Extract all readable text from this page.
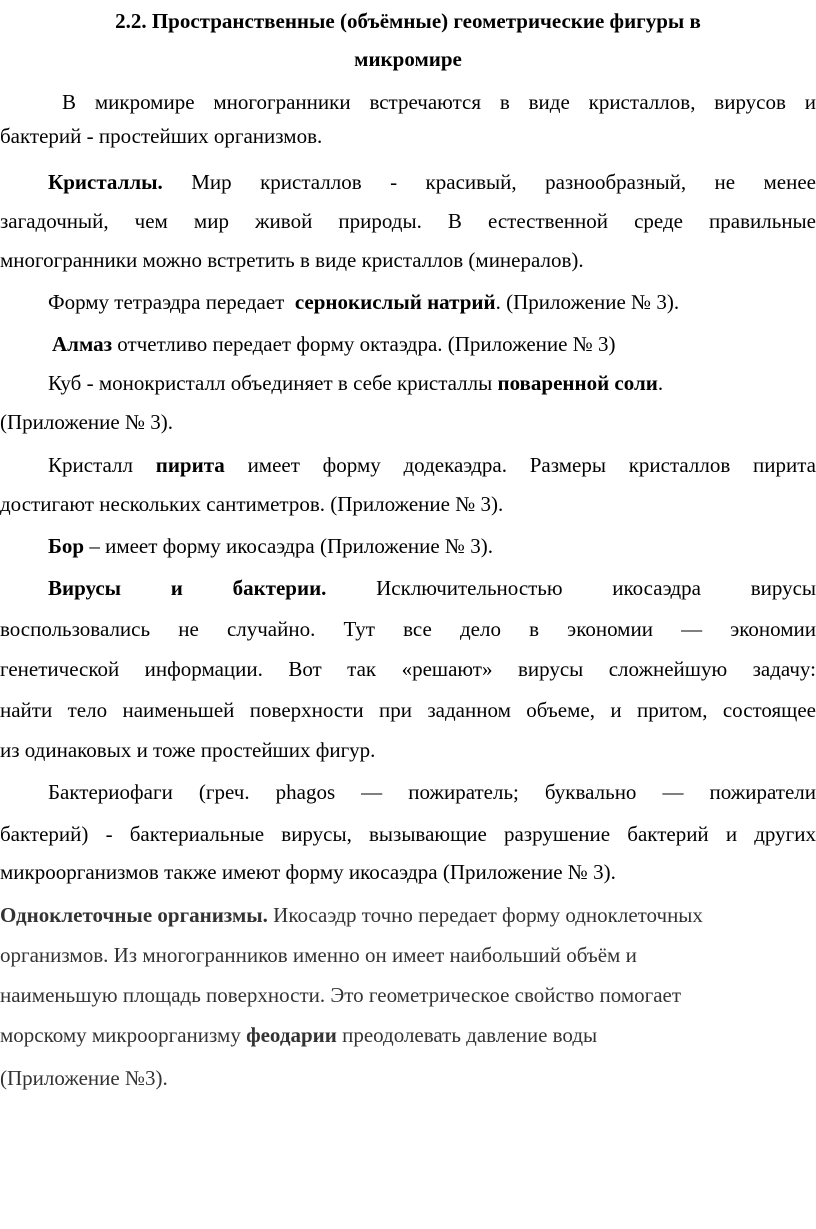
2.2. Пространственные (объёмные) геометрические фигуры в
микромире
В микромире многогранники встречаются в виде кристаллов, вирусов и
бактерий - простейших организмов.
Кристаллы. Мир кристаллов - красивый, разнообразный, не менее
загадочный, чем мир живой природы. В естественной среде правильные
многогранники можно встретить в виде кристаллов (минералов).
Форму тетраэдра передает сернокислый натрий. (Приложение № 3).
Алмаз отчетливо передает форму октаэдра. (Приложение № 3)
Куб - монокристалл объединяет в себе кристаллы поваренной соли.
(Приложение № 3).
Кристалл пирита имеет форму додекаэдра. Размеры кристаллов пирита
достигают нескольких сантиметров. (Приложение № 3).
Бор – имеет форму икосаэдра (Приложение № 3).
Вирусы и бактерии. Исключительностью икосаэдра вирусы
воспользовались не случайно. Тут все дело в экономии — экономии
генетической информации. Вот так «решают» вирусы сложнейшую задачу:
найти тело наименьшей поверхности при заданном объеме, и притом, состоящее
из одинаковых и тоже простейших фигур.
Бактериофаги (греч. phagos — пожиратель; буквально — пожиратели
бактерий) - бактериальные вирусы, вызывающие разрушение бактерий и других
микроорганизмов также имеют форму икосаэдра (Приложение № 3).
Одноклеточные организмы. Икосаэдр точно передает форму одноклеточных
организмов. Из многогранников именно он имеет наибольший объём и
наименьшую площадь поверхности. Это геометрическое свойство помогает
морскому микроорганизму феодарии преодолевать давление воды
(Приложение №3).
